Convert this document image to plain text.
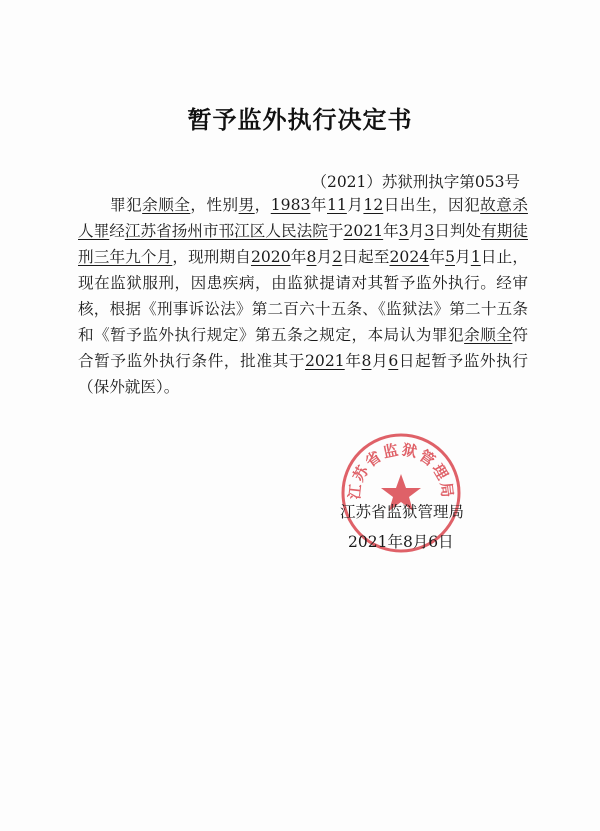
暂予监外执行决定书
（2021）苏狱刑执字第053号
罪犯余顺全，性别男，1983年11月12日出生，因犯故意杀人罪经江苏省扬州市邗江区人民法院于2021年3月3日判处有期徒刑三年九个月，现刑期自2020年8月2日起至2024年5月1日止，现在监狱服刑，因患疾病，由监狱提请对其暂予监外执行。经审核，根据《刑事诉讼法》第二百六十五条、《监狱法》第二十五条和《暂予监外执行规定》第五条之规定，本局认为罪犯余顺全符合暂予监外执行条件，批准其于2021年8月6日起暂予监外执行（保外就医）。
江苏省监狱管理局
江苏省监狱管理局
2021年8月6日
